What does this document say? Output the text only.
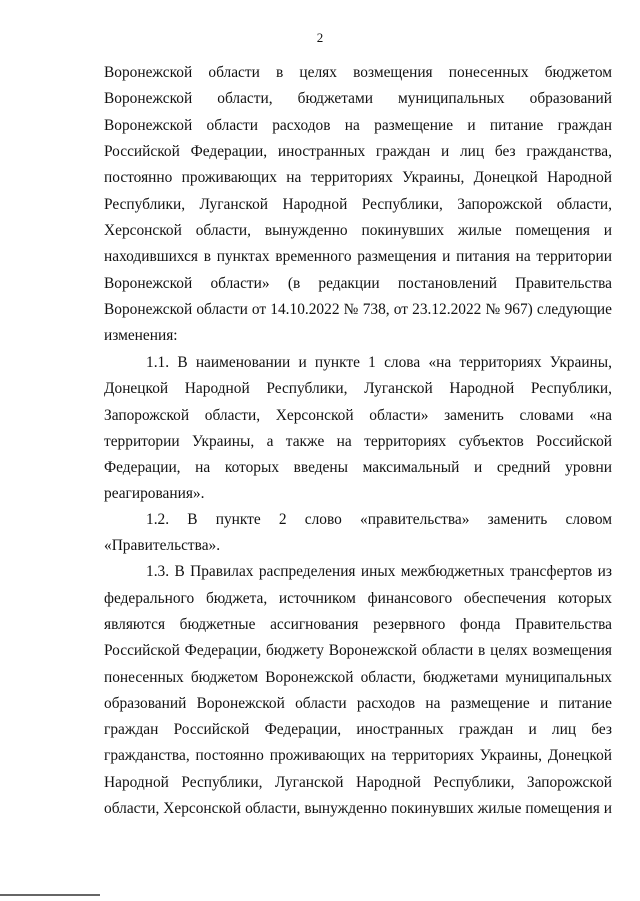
2
Воронежской области в целях возмещения понесенных бюджетом
Воронежской области, бюджетами муниципальных образований
Воронежской области расходов на размещение и питание граждан
Российской Федерации, иностранных граждан и лиц без гражданства,
постоянно проживающих на территориях Украины, Донецкой Народной
Республики, Луганской Народной Республики, Запорожской области,
Херсонской области, вынужденно покинувших жилые помещения и
находившихся в пунктах временного размещения и питания на территории
Воронежской области» (в редакции постановлений Правительства
Воронежской области от 14.10.2022 № 738, от 23.12.2022 № 967) следующие
изменения:
1.1. В наименовании и пункте 1 слова «на территориях Украины,
Донецкой Народной Республики, Луганской Народной Республики,
Запорожской области, Херсонской области» заменить словами «на
территории Украины, а также на территориях субъектов Российской
Федерации, на которых введены максимальный и средний уровни
реагирования».
1.2. В пункте 2 слово «правительства» заменить словом
«Правительства».
1.3. В Правилах распределения иных межбюджетных трансфертов из
федерального бюджета, источником финансового обеспечения которых
являются бюджетные ассигнования резервного фонда Правительства
Российской Федерации, бюджету Воронежской области в целях возмещения
понесенных бюджетом Воронежской области, бюджетами муниципальных
образований Воронежской области расходов на размещение и питание
граждан Российской Федерации, иностранных граждан и лиц без
гражданства, постоянно проживающих на территориях Украины, Донецкой
Народной Республики, Луганской Народной Республики, Запорожской
области, Херсонской области, вынужденно покинувших жилые помещения и
